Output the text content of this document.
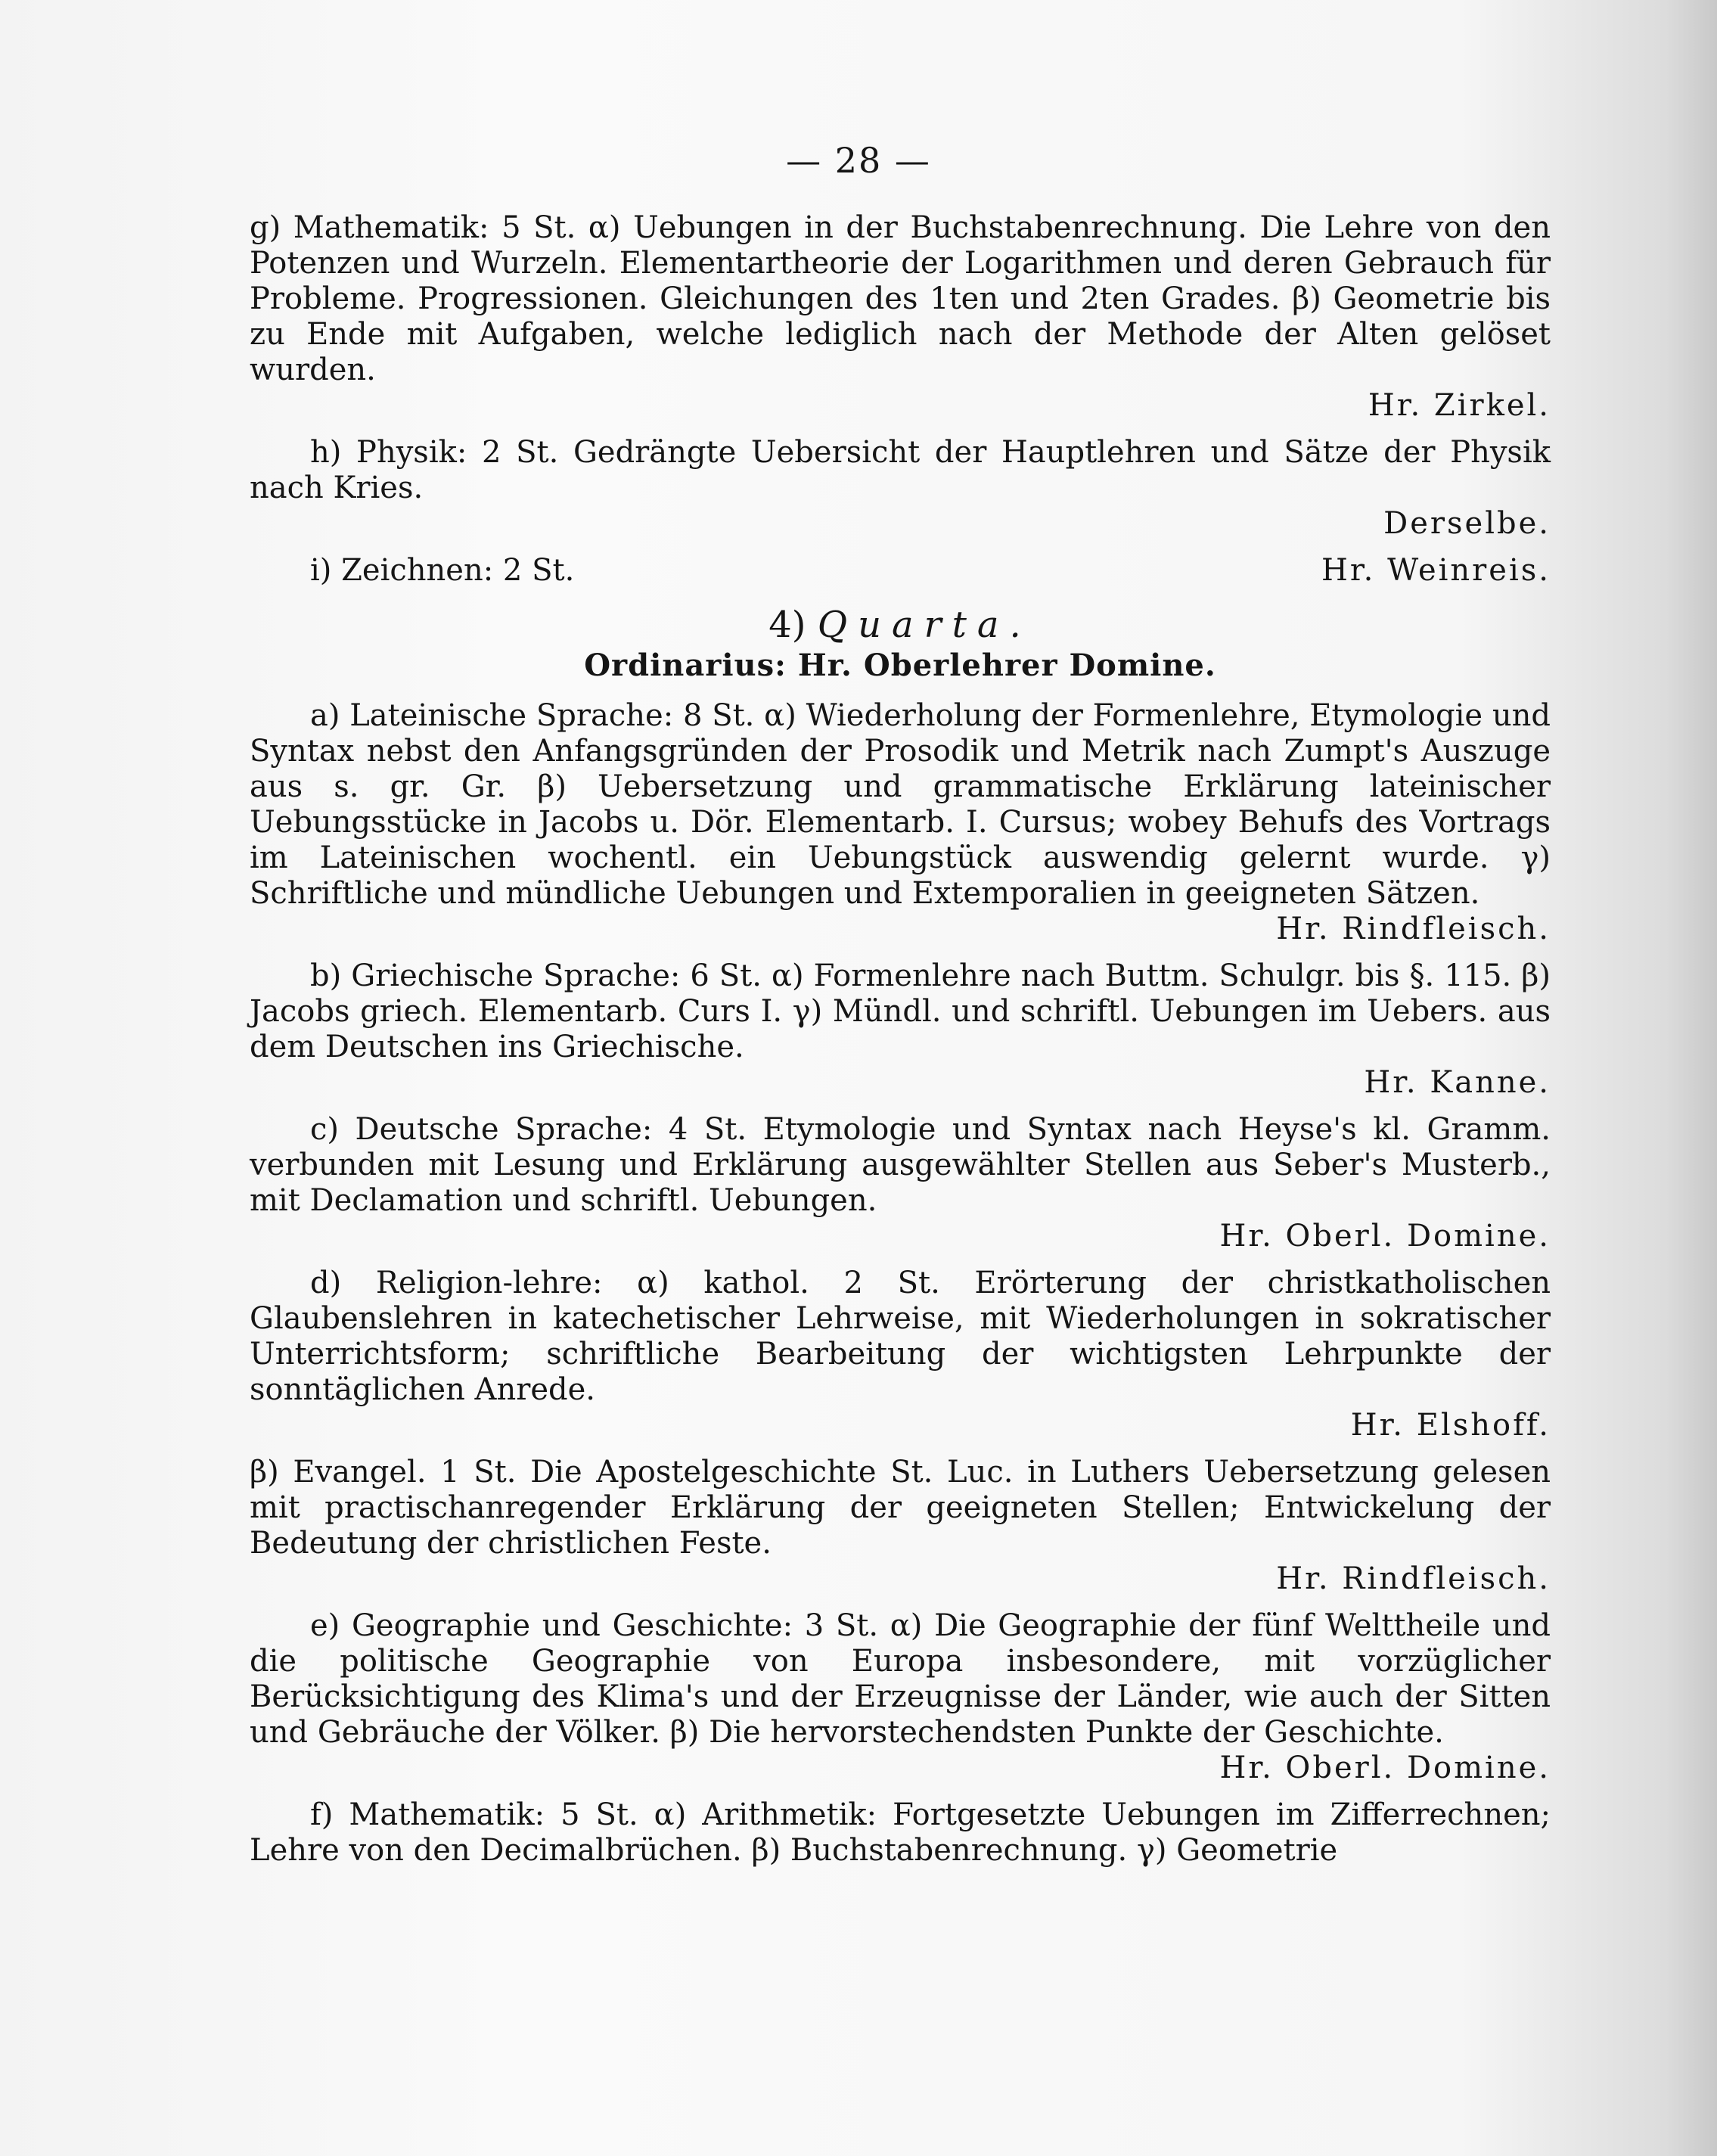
— 28 —

g) Mathematik: 5 St. α) Uebungen in der Buchstabenrechnung. Die Lehre von den Potenzen und Wurzeln. Elementartheorie der Logarithmen und deren Gebrauch für Probleme. Progressionen. Gleichungen des 1ten und 2ten Grades. β) Geometrie bis zu Ende mit Aufgaben, welche lediglich nach der Methode der Alten gelöset wurden.

Hr. Zirkel.

h) Physik: 2 St. Gedrängte Uebersicht der Hauptlehren und Sätze der Physik nach Kries.

Derselbe.

Hr. Weinreis.
i) Zeichnen: 2 St.

4) Quarta.
Ordinarius: Hr. Oberlehrer Domine.

a) Lateinische Sprache: 8 St. α) Wiederholung der Formenlehre, Etymologie und Syntax nebst den Anfangsgründen der Prosodik und Metrik nach Zumpt's Auszuge aus s. gr. Gr. β) Uebersetzung und grammatische Erklärung lateinischer Uebungsstücke in Jacobs u. Dör. Elementarb. I. Cursus; wobey Behufs des Vortrags im Lateinischen wochentl. ein Uebungstück auswendig gelernt wurde. γ) Schriftliche und mündliche Uebungen und Extemporalien in geeigneten Sätzen.

Hr. Rindfleisch.

b) Griechische Sprache: 6 St. α) Formenlehre nach Buttm. Schulgr. bis §. 115. β) Jacobs griech. Elementarb. Curs I. γ) Mündl. und schriftl. Uebungen im Uebers. aus dem Deutschen ins Griechische.

Hr. Kanne.

c) Deutsche Sprache: 4 St. Etymologie und Syntax nach Heyse's kl. Gramm. verbunden mit Lesung und Erklärung ausgewählter Stellen aus Seber's Musterb., mit Declamation und schriftl. Uebungen.

Hr. Oberl. Domine.

d) Religion-lehre: α) kathol. 2 St. Erörterung der christkatholischen Glaubenslehren in katechetischer Lehrweise, mit Wiederholungen in sokratischer Unterrichtsform; schriftliche Bearbeitung der wichtigsten Lehrpunkte der sonntäglichen Anrede.

Hr. Elshoff.

β) Evangel. 1 St. Die Apostelgeschichte St. Luc. in Luthers Uebersetzung gelesen mit practischanregender Erklärung der geeigneten Stellen; Entwickelung der Bedeutung der christlichen Feste.

Hr. Rindfleisch.

e) Geographie und Geschichte: 3 St. α) Die Geographie der fünf Welttheile und die politische Geographie von Europa insbesondere, mit vorzüglicher Berücksichtigung des Klima's und der Erzeugnisse der Länder, wie auch der Sitten und Gebräuche der Völker. β) Die hervorstechendsten Punkte der Geschichte.

Hr. Oberl. Domine.

f) Mathematik: 5 St. α) Arithmetik: Fortgesetzte Uebungen im Zifferrechnen; Lehre von den Decimalbrüchen. β) Buchstabenrechnung. γ) Geometrie
